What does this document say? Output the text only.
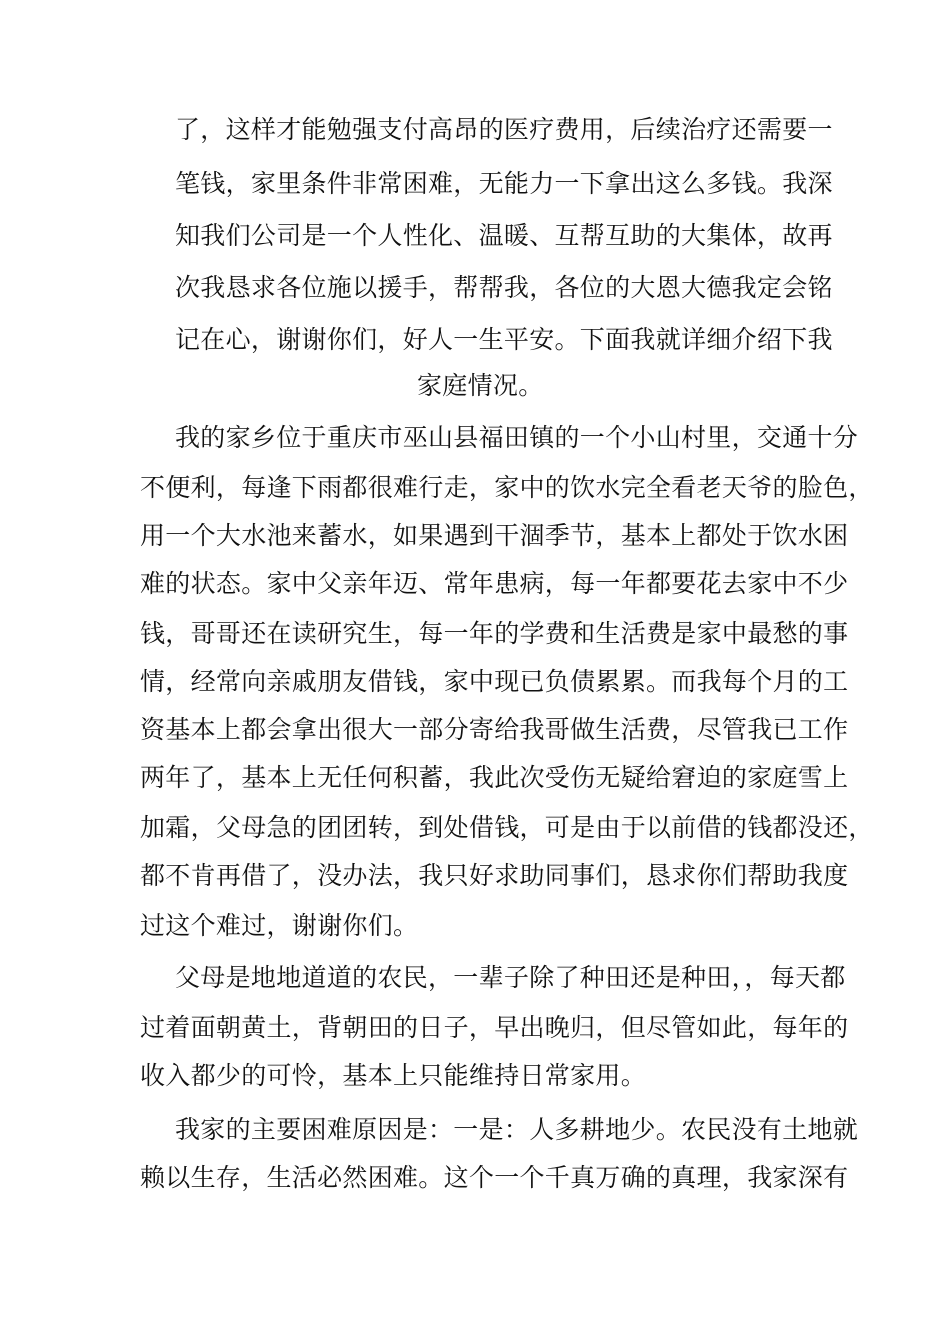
了，这样才能勉强支付高昂的医疗费用，后续治疗还需要一
笔钱，家里条件非常困难，无能力一下拿出这么多钱。我深
知我们公司是一个人性化、温暖、互帮互助的大集体，故再
次我恳求各位施以援手，帮帮我，各位的大恩大德我定会铭
记在心，谢谢你们，好人一生平安。下面我就详细介绍下我
家庭情况。
我的家乡位于重庆市巫山县福田镇的一个小山村里，交通十分
不便利，每逢下雨都很难行走，家中的饮水完全看老天爷的脸色，
用一个大水池来蓄水，如果遇到干涸季节，基本上都处于饮水困
难的状态。家中父亲年迈、常年患病，每一年都要花去家中不少
钱，哥哥还在读研究生，每一年的学费和生活费是家中最愁的事
情，经常向亲戚朋友借钱，家中现已负债累累。而我每个月的工
资基本上都会拿出很大一部分寄给我哥做生活费，尽管我已工作
两年了，基本上无任何积蓄，我此次受伤无疑给窘迫的家庭雪上
加霜，父母急的团团转，到处借钱，可是由于以前借的钱都没还，
都不肯再借了，没办法，我只好求助同事们，恳求你们帮助我度
过这个难过，谢谢你们。
父母是地地道道的农民，一辈子除了种田还是种田，，每天都
过着面朝黄土，背朝田的日子，早出晚归，但尽管如此，每年的
收入都少的可怜，基本上只能维持日常家用。
我家的主要困难原因是：一是：人多耕地少。农民没有土地就
赖以生存，生活必然困难。这个一个千真万确的真理，我家深有
